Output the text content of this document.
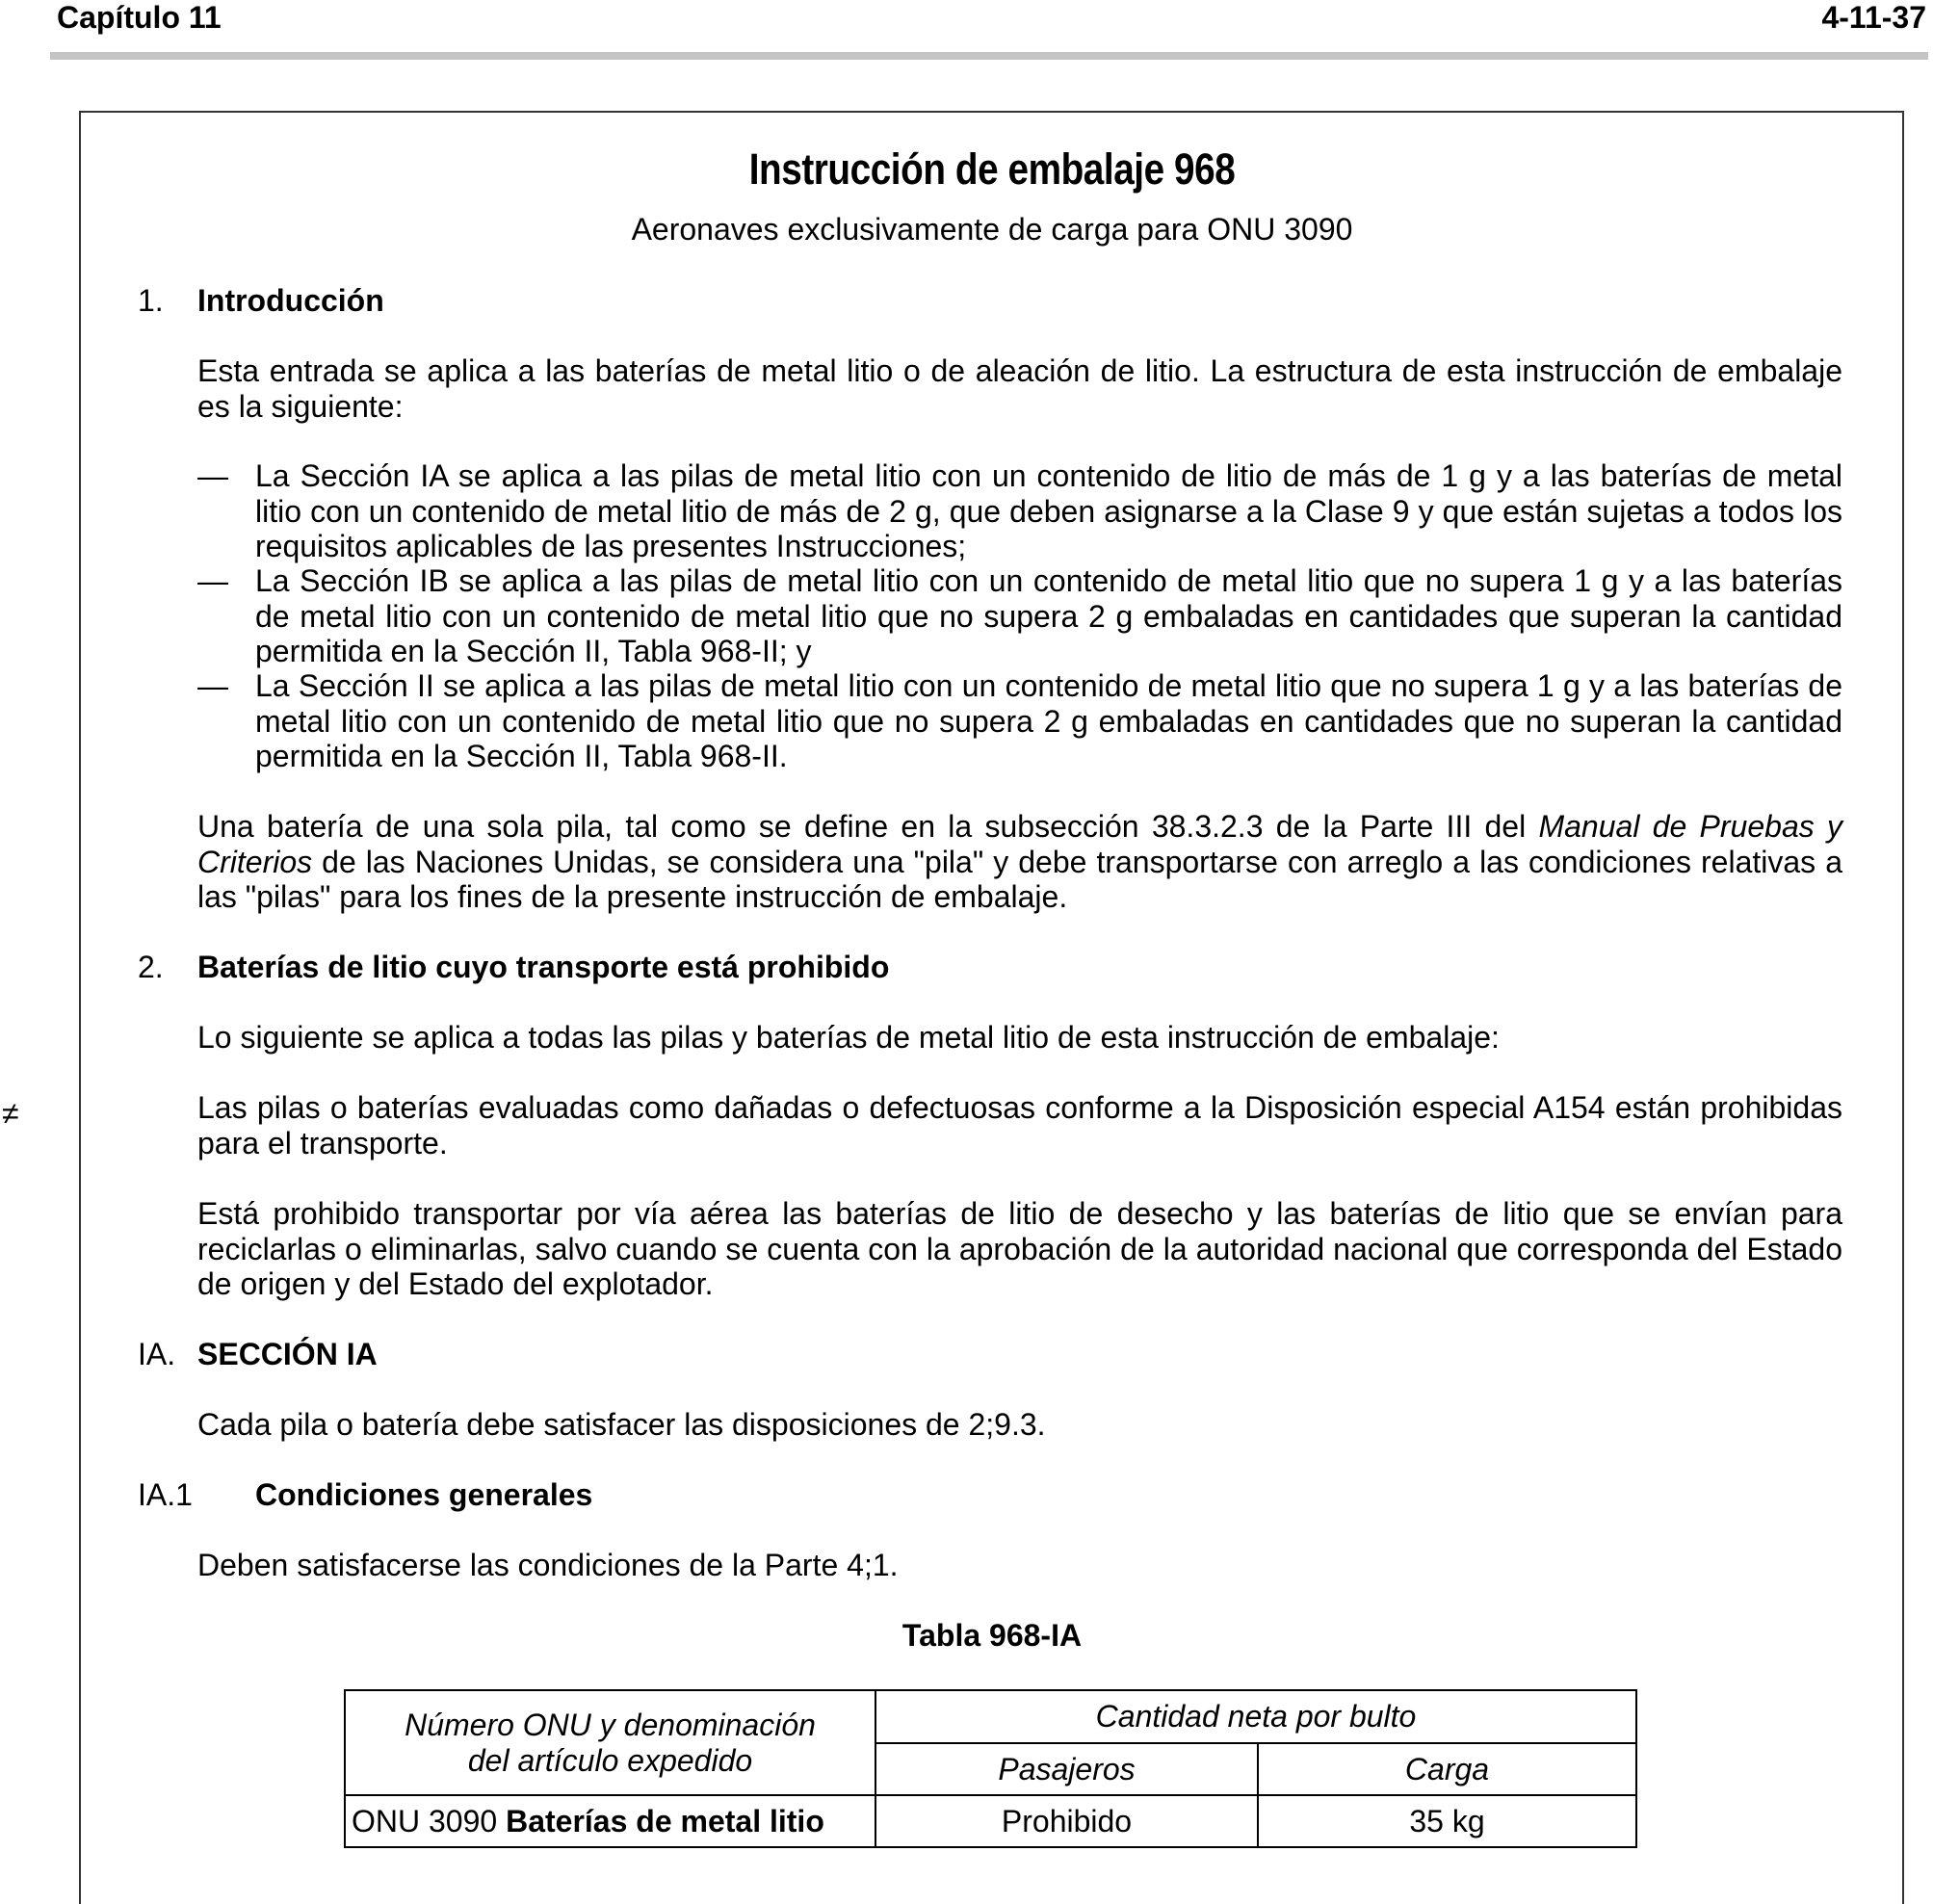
Capítulo 11	4-11-37
Instrucción de embalaje 968
Aeronaves exclusivamente de carga para ONU 3090
1. Introducción
Esta entrada se aplica a las baterías de metal litio o de aleación de litio. La estructura de esta instrucción de embalaje es la siguiente:
— La Sección IA se aplica a las pilas de metal litio con un contenido de litio de más de 1 g y a las baterías de metal litio con un contenido de metal litio de más de 2 g, que deben asignarse a la Clase 9 y que están sujetas a todos los requisitos aplicables de las presentes Instrucciones;
— La Sección IB se aplica a las pilas de metal litio con un contenido de metal litio que no supera 1 g y a las baterías de metal litio con un contenido de metal litio que no supera 2 g embaladas en cantidades que superan la cantidad permitida en la Sección II, Tabla 968-II; y
— La Sección II se aplica a las pilas de metal litio con un contenido de metal litio que no supera 1 g y a las baterías de metal litio con un contenido de metal litio que no supera 2 g embaladas en cantidades que no superan la cantidad permitida en la Sección II, Tabla 968-II.
Una batería de una sola pila, tal como se define en la subsección 38.3.2.3 de la Parte III del Manual de Pruebas y Criterios de las Naciones Unidas, se considera una "pila" y debe transportarse con arreglo a las condiciones relativas a las "pilas" para los fines de la presente instrucción de embalaje.
2. Baterías de litio cuyo transporte está prohibido
Lo siguiente se aplica a todas las pilas y baterías de metal litio de esta instrucción de embalaje:
≠	Las pilas o baterías evaluadas como dañadas o defectuosas conforme a la Disposición especial A154 están prohibidas para el transporte.
Está prohibido transportar por vía aérea las baterías de litio de desecho y las baterías de litio que se envían para reciclarlas o eliminarlas, salvo cuando se cuenta con la aprobación de la autoridad nacional que corresponda del Estado de origen y del Estado del explotador.
IA. SECCIÓN IA
Cada pila o batería debe satisfacer las disposiciones de 2;9.3.
IA.1 Condiciones generales
Deben satisfacerse las condiciones de la Parte 4;1.
Tabla 968-IA
Número ONU y denominación
del artículo expedido	Cantidad neta por bulto	
	Pasajeros	Carga
ONU 3090 Baterías de metal litio	Prohibido	35 kg
